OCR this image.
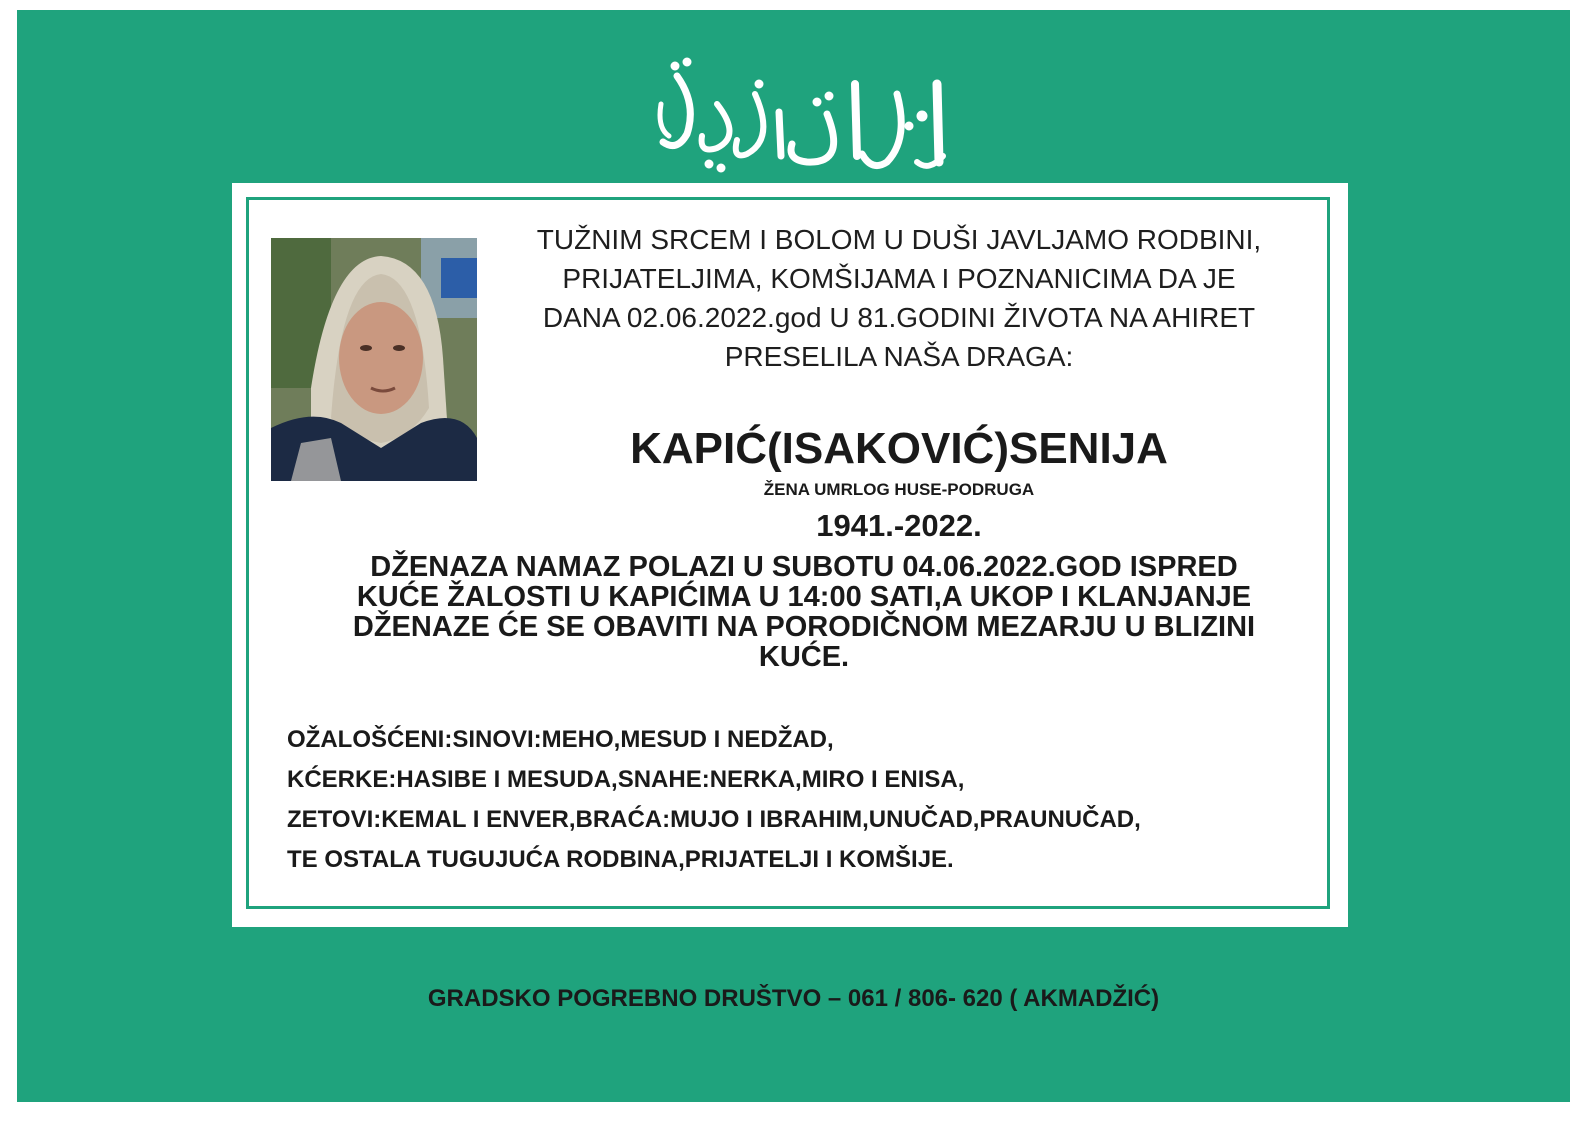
TUŽNIM SRCEM I BOLOM U DUŠI JAVLJAMO RODBINI,
PRIJATELJIMA, KOMŠIJAMA I POZNANICIMA DA JE
DANA 02.06.2022.god U 81.GODINI ŽIVOTA NA AHIRET
PRESELILA NAŠA DRAGA:

KAPIĆ(ISAKOVIĆ)SENIJA

ŽENA UMRLOG HUSE-PODRUGA

1941.-2022.

DŽENAZA NAMAZ POLAZI U SUBOTU 04.06.2022.GOD ISPRED
KUĆE ŽALOSTI U KAPIĆIMA U 14:00 SATI,A UKOP I KLANJANJE
DŽENAZE ĆE SE OBAVITI NA PORODIČNOM MEZARJU U BLIZINI
KUĆE.

OŽALOŠĆENI:SINOVI:MEHO,MESUD I NEDŽAD,
KĆERKE:HASIBE I MESUDA,SNAHE:NERKA,MIRO I ENISA,
ZETOVI:KEMAL I ENVER,BRAĆA:MUJO I IBRAHIM,UNUČAD,PRAUNUČAD,
TE OSTALA TUGUJUĆA RODBINA,PRIJATELJI I KOMŠIJE.

GRADSKO POGREBNO DRUŠTVO – 061 / 806- 620 ( AKMADŽIĆ)
